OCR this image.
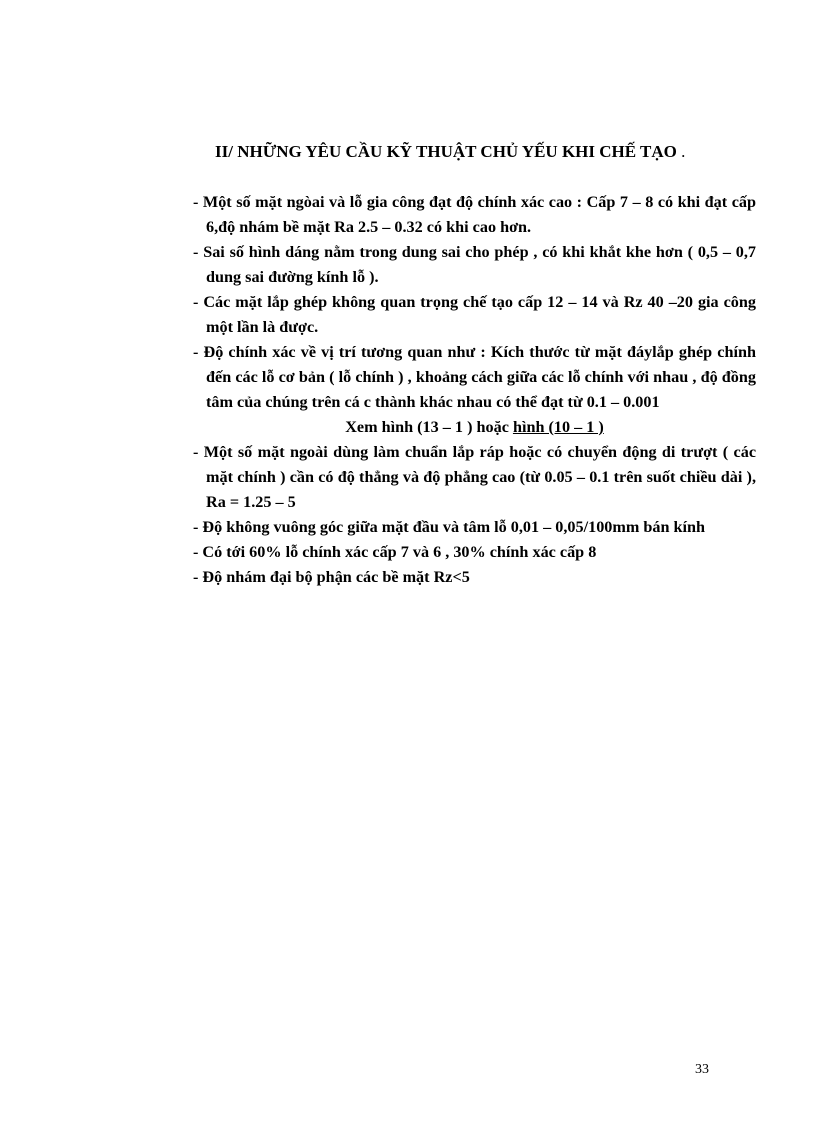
II/ NHỮNG YÊU CẦU KỸ THUẬT CHỦ YẾU KHI CHẾ TẠO .
- Một số mặt ngòai và lỗ gia công đạt độ chính xác cao : Cấp 7 – 8 có khi đạt cấp 6,độ nhám bề mặt Ra 2.5 – 0.32 có khi cao hơn.
- Sai số hình dáng nằm trong dung sai cho phép , có khi khắt khe hơn ( 0,5 – 0,7 dung sai đường kính lỗ ).
- Các mặt lắp ghép không quan trọng chế tạo cấp 12 – 14 và Rz 40 –20 gia công một lần là được.
- Độ chính xác về vị trí tương quan như : Kích thước từ mặt đáylắp ghép chính đến các lỗ cơ bản ( lỗ chính ) , khoảng cách giữa các lỗ chính với nhau , độ đồng tâm của chúng trên cá c thành khác nhau có thể đạt từ 0.1 – 0.001
Xem hình (13 – 1 ) hoặc hình (10 – 1 )
- Một số mặt ngoài dùng làm chuẩn lắp ráp hoặc có chuyển động di trượt ( các mặt chính ) cần có độ thẳng và độ phẳng cao (từ 0.05 – 0.1 trên suốt chiều dài ), Ra = 1.25 – 5
- Độ không vuông góc giữa mặt đầu và tâm lỗ 0,01 – 0,05/100mm bán kính
- Có tới 60% lỗ chính xác cấp 7 và 6 , 30% chính xác cấp 8
- Độ nhám đại bộ phận các bề mặt Rz<5
33
